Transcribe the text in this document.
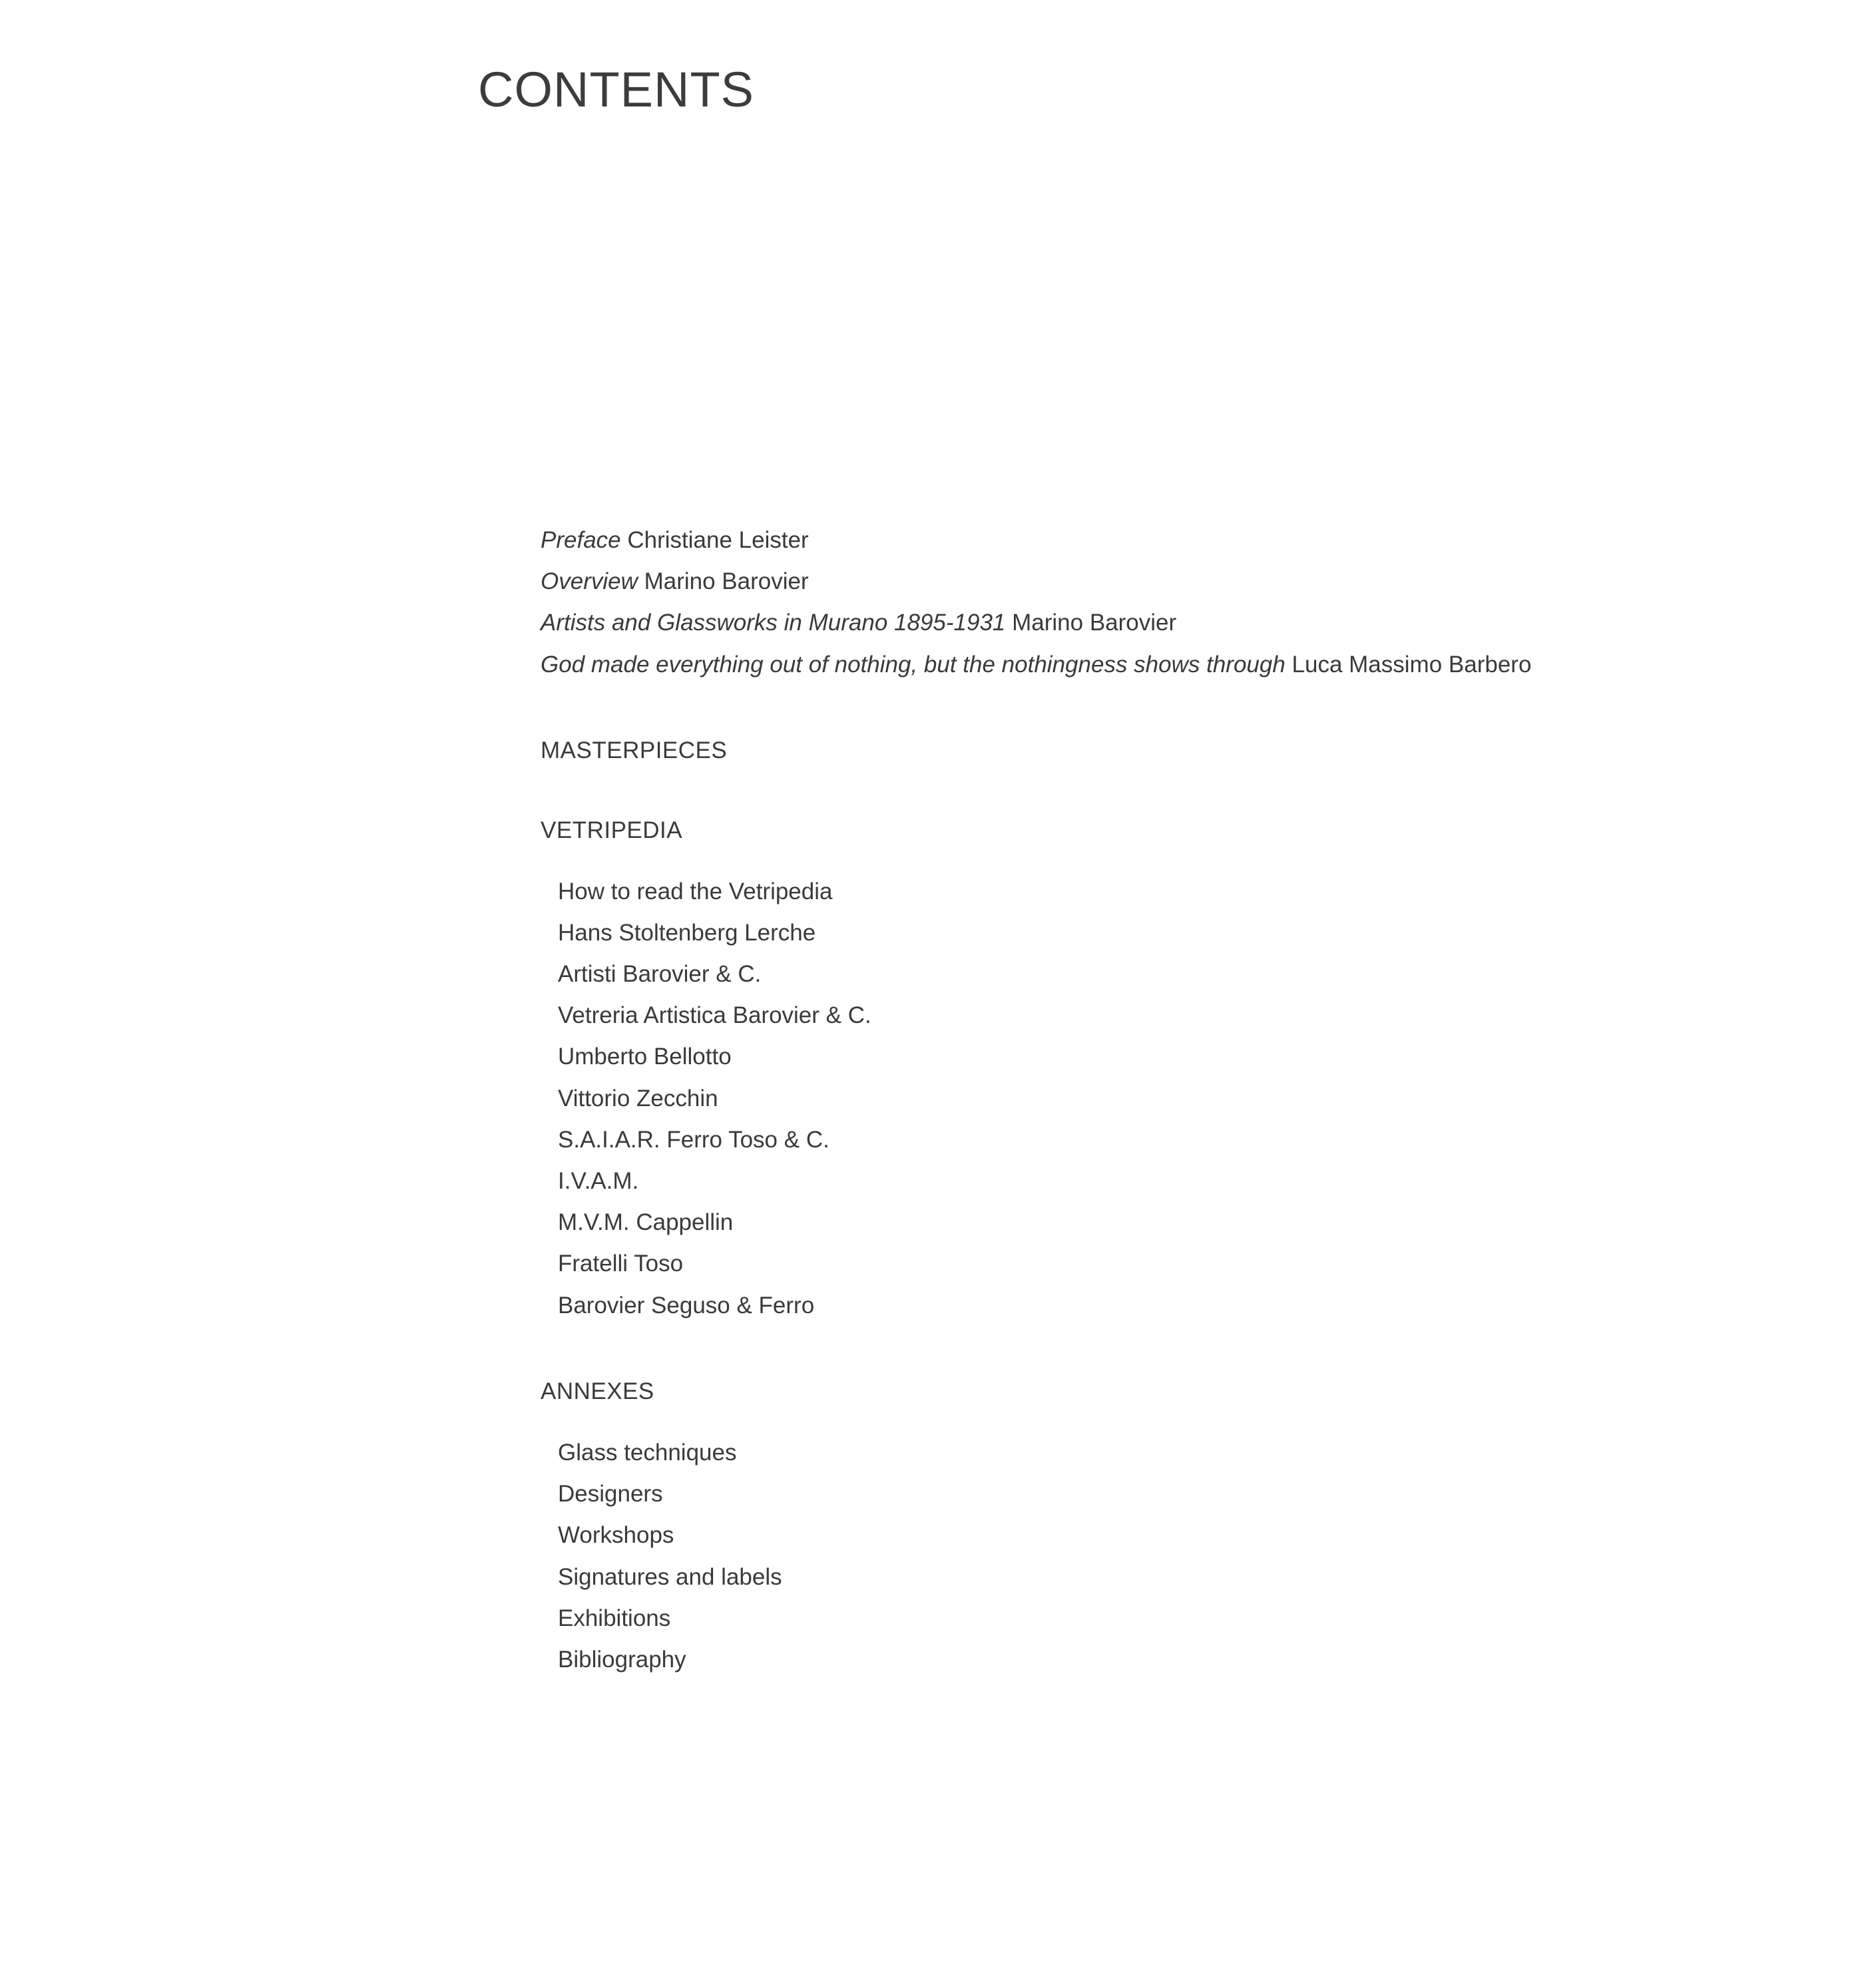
CONTENTS
Preface Christiane Leister
Overview Marino Barovier
Artists and Glassworks in Murano 1895-1931 Marino Barovier
God made everything out of nothing, but the nothingness shows through Luca Massimo Barbero
MASTERPIECES
VETRIPEDIA
How to read the Vetripedia
Hans Stoltenberg Lerche
Artisti Barovier & C.
Vetreria Artistica Barovier & C.
Umberto Bellotto
Vittorio Zecchin
S.A.I.A.R. Ferro Toso & C.
I.V.A.M.
M.V.M. Cappellin
Fratelli Toso
Barovier Seguso & Ferro
ANNEXES
Glass techniques
Designers
Workshops
Signatures and labels
Exhibitions
Bibliography
